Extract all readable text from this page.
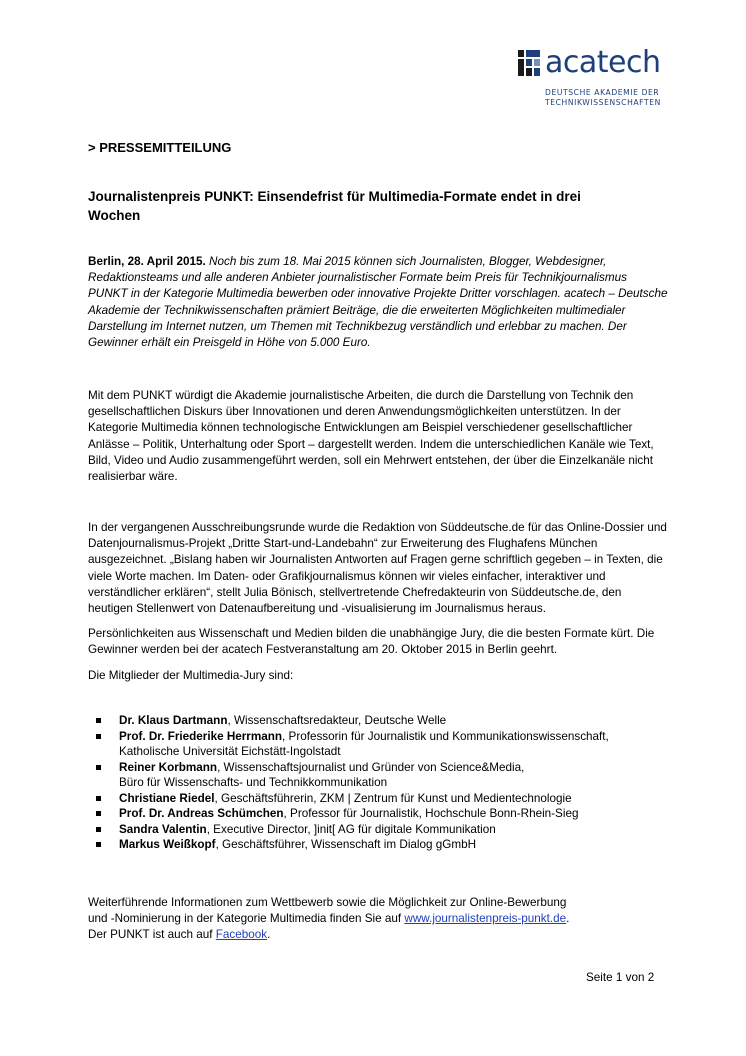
acatech
DEUTSCHE AKADEMIE DER
TECHNIKWISSENSCHAFTEN
> PRESSEMITTEILUNG
Journalistenpreis PUNKT: Einsendefrist für Multimedia-Formate endet in drei Wochen
Berlin, 28. April 2015. Noch bis zum 18. Mai 2015 können sich Journalisten, Blogger, Webdesigner, Redaktionsteams und alle anderen Anbieter journalistischer Formate beim Preis für Technikjournalismus PUNKT in der Kategorie Multimedia bewerben oder innovative Projekte Dritter vorschlagen. acatech – Deutsche Akademie der Technikwissenschaften prämiert Beiträge, die die erweiterten Möglichkeiten multimedialer Darstellung im Internet nutzen, um Themen mit Technikbezug verständlich und erlebbar zu machen. Der Gewinner erhält ein Preisgeld in Höhe von 5.000 Euro.
Mit dem PUNKT würdigt die Akademie journalistische Arbeiten, die durch die Darstellung von Technik den gesellschaftlichen Diskurs über Innovationen und deren Anwendungsmöglichkeiten unterstützen. In der Kategorie Multimedia können technologische Entwicklungen am Beispiel verschiedener gesellschaftlicher Anlässe – Politik, Unterhaltung oder Sport – dargestellt werden. Indem die unterschiedlichen Kanäle wie Text, Bild, Video und Audio zusammengeführt werden, soll ein Mehrwert entstehen, der über die Einzelkanäle nicht realisierbar wäre.
In der vergangenen Ausschreibungsrunde wurde die Redaktion von Süddeutsche.de für das Online-Dossier und Datenjournalismus-Projekt „Dritte Start-und-Landebahn“ zur Erweiterung des Flughafens München ausgezeichnet. „Bislang haben wir Journalisten Antworten auf Fragen gerne schriftlich gegeben – in Texten, die viele Worte machen. Im Daten- oder Grafikjournalismus können wir vieles einfacher, interaktiver und verständlicher erklären“, stellt Julia Bönisch, stellvertretende Chefredakteurin von Süddeutsche.de, den heutigen Stellenwert von Datenaufbereitung und -visualisierung im Journalismus heraus.
Persönlichkeiten aus Wissenschaft und Medien bilden die unabhängige Jury, die die besten Formate kürt. Die Gewinner werden bei der acatech Festveranstaltung am 20. Oktober 2015 in Berlin geehrt.
Die Mitglieder der Multimedia-Jury sind:
Dr. Klaus Dartmann, Wissenschaftsredakteur, Deutsche Welle
Prof. Dr. Friederike Herrmann, Professorin für Journalistik und Kommunikationswissenschaft,
Katholische Universität Eichstätt-Ingolstadt
Reiner Korbmann, Wissenschaftsjournalist und Gründer von Science&Media,
Büro für Wissenschafts- und Technikkommunikation
Christiane Riedel, Geschäftsführerin, ZKM | Zentrum für Kunst und Medientechnologie
Prof. Dr. Andreas Schümchen, Professor für Journalistik, Hochschule Bonn-Rhein-Sieg
Sandra Valentin, Executive Director, ]init[ AG für digitale Kommunikation
Markus Weißkopf, Geschäftsführer, Wissenschaft im Dialog gGmbH
Weiterführende Informationen zum Wettbewerb sowie die Möglichkeit zur Online-Bewerbung
und -Nominierung in der Kategorie Multimedia finden Sie auf www.journalistenpreis-punkt.de.
Der PUNKT ist auch auf Facebook.
Seite 1 von 2
